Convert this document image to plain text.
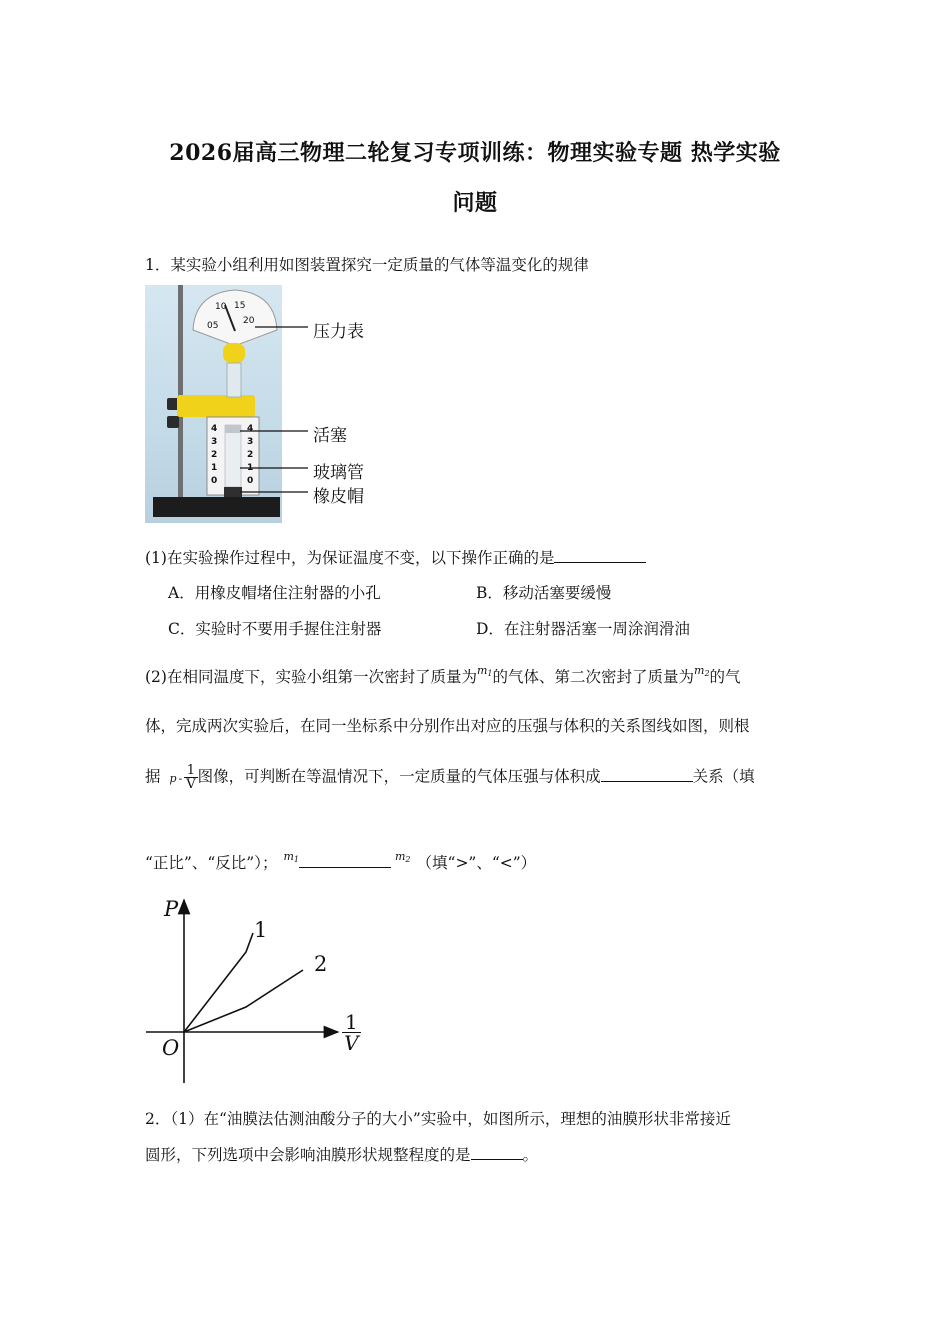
2026届高三物理二轮复习专项训练：物理实验专题 热学实验
问题
1．某实验小组利用如图装置探究一定质量的气体等温变化的规律
05
10 15
20
4
3
2
1
0
4
3
2
1
0
压力表
活塞
玻璃管
橡皮帽
(1)在实验操作过程中，为保证温度不变，以下操作正确的是
A．用橡皮帽堵住注射器的小孔	B．移动活塞要缓慢
C．实验时不要用手握住注射器	D．在注射器活塞一周涂润滑油
(2)在相同温度下，实验小组第一次密封了质量为$^{m_1}$的气体、第二次密封了质量为$^{m_2}$的气
体，完成两次实验后，在同一坐标系中分别作出对应的压强与体积的关系图线如图，则根
据 p - $\frac{1}{V}$ 图像，可判断在等温情况下，一定质量的气体压强与体积成	关系（填
“正比”、“反比”）； $^{m_1}$	$^{m_2}$ （填“>”、“<”）
P
O
1
2
$\frac{1}{V}$
2．（1）在“油膜法估测油酸分子的大小”实验中，如图所示，理想的油膜形状非常接近
圆形，下列选项中会影响油膜形状规整程度的是	。
